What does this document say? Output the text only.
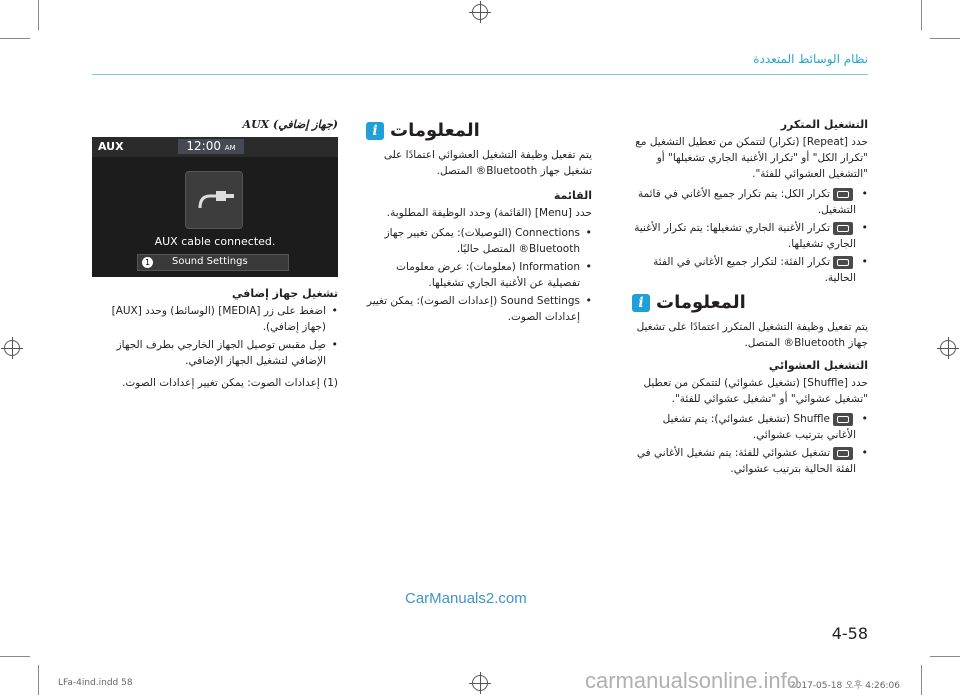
نظام الوسائط المتعددة
التشغيل المتكرر

حدد [Repeat] (تكرار) لتتمكن من تعطيل التشغيل مع "تكرار الكل" أو "تكرار الأغنية الجاري تشغيلها" أو "التشغيل العشوائي للفئة".

• تكرار الكل: يتم تكرار جميع الأغاني في قائمة التشغيل.
• تكرار الأغنية الجاري تشغيلها: يتم تكرار الأغنية الجاري تشغيلها.
• تكرار الفئة: لتكرار جميع الأغاني في الفئة الحالية.
i المعلومات

يتم تفعيل وظيفة التشغيل المتكرر اعتمادًا على تشغيل جهاز Bluetooth® المتصل.

التشغيل العشوائي

حدد [Shuffle] (تشغيل عشوائي) لتتمكن من تعطيل "تشغيل عشوائي" أو "تشغيل عشوائي للفئة".

• Shuffle (تشغيل عشوائي): يتم تشغيل الأغاني بترتيب عشوائي.
• تشغيل عشوائي للفئة: يتم تشغيل الأغاني في الفئة الحالية بترتيب عشوائي.
i المعلومات

يتم تفعيل وظيفة التشغيل العشوائي اعتمادًا على تشغيل جهاز Bluetooth® المتصل.

القائمة

حدد [Menu] (القائمة) وحدد الوظيفة المطلوبة.

• Connections (التوصيلات): يمكن تغيير جهاز Bluetooth® المتصل حاليًا.
• Information (معلومات): عرض معلومات تفصيلية عن الأغنية الجاري تشغيلها.
• Sound Settings (إعدادات الصوت): يمكن تغيير إعدادات الصوت.
AUX (جهاز إضافي)
AUX	12:00 AM
AUX cable connected.
1 Sound Settings
تشغيل جهاز إضافي
• اضغط على زر [MEDIA] (الوسائط) وحدد [AUX] (جهاز إضافي).
• صِل مقبس توصيل الجهاز الخارجي بطرف الجهاز الإضافي لتشغيل الجهاز الإضافي.

(1) إعدادات الصوت: يمكن تغيير إعدادات الصوت.

CarManuals2.com
4-58
LFa-4ind.indd 58	2017-05-18 오후 4:26:06
carmanualsonline.info
